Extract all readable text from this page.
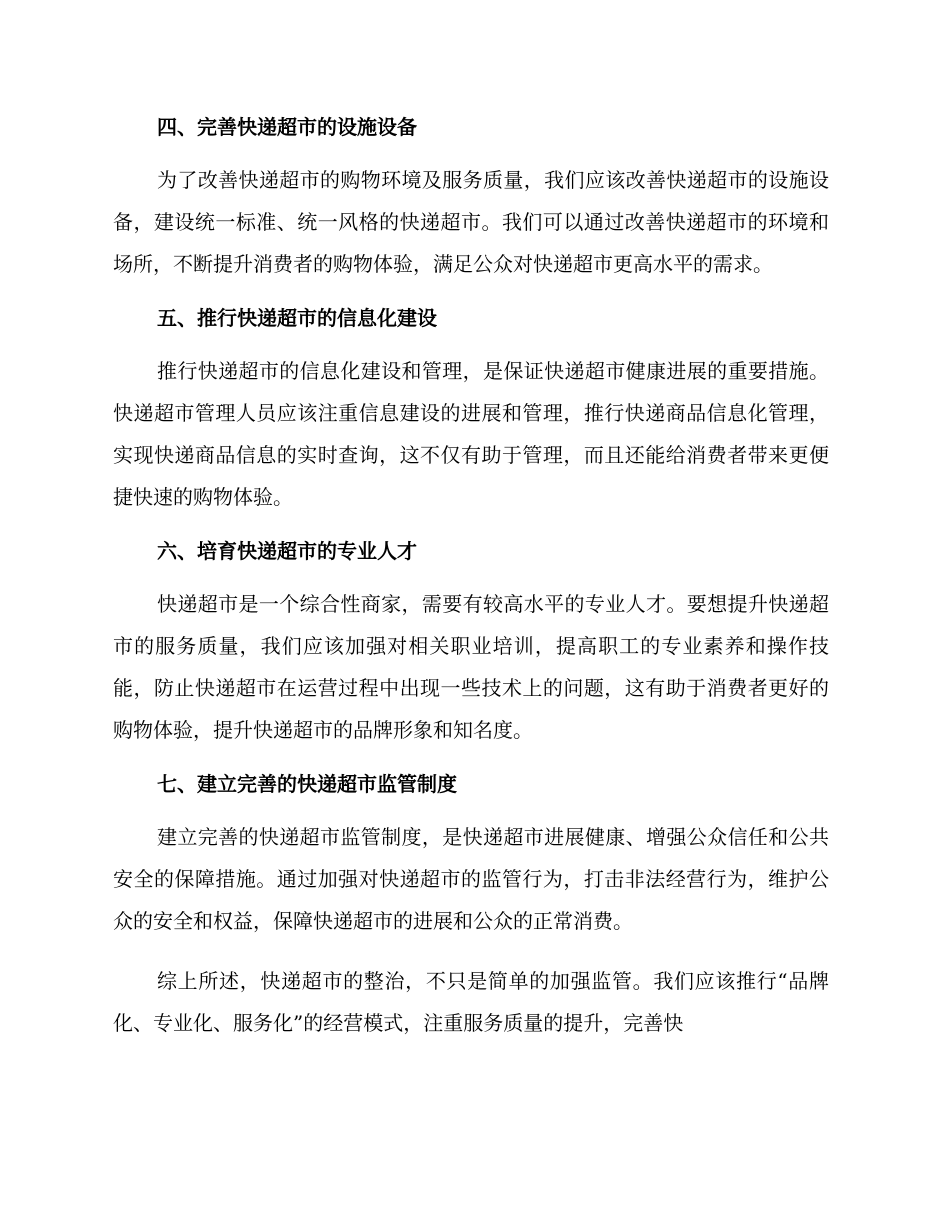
四、完善快递超市的设施设备

为了改善快递超市的购物环境及服务质量，我们应该改善快递超市的设施设备，建设统一标准、统一风格的快递超市。我们可以通过改善快递超市的环境和场所，不断提升消费者的购物体验，满足公众对快递超市更高水平的需求。

五、推行快递超市的信息化建设

推行快递超市的信息化建设和管理，是保证快递超市健康进展的重要措施。快递超市管理人员应该注重信息建设的进展和管理，推行快递商品信息化管理，实现快递商品信息的实时查询，这不仅有助于管理，而且还能给消费者带来更便捷快速的购物体验。

六、培育快递超市的专业人才

快递超市是一个综合性商家，需要有较高水平的专业人才。要想提升快递超市的服务质量，我们应该加强对相关职业培训，提高职工的专业素养和操作技能，防止快递超市在运营过程中出现一些技术上的问题，这有助于消费者更好的购物体验，提升快递超市的品牌形象和知名度。

七、建立完善的快递超市监管制度

建立完善的快递超市监管制度，是快递超市进展健康、增强公众信任和公共安全的保障措施。通过加强对快递超市的监管行为，打击非法经营行为，维护公众的安全和权益，保障快递超市的进展和公众的正常消费。

综上所述，快递超市的整治，不只是简单的加强监管。我们应该推行“品牌化、专业化、服务化”的经营模式，注重服务质量的提升，完善快
